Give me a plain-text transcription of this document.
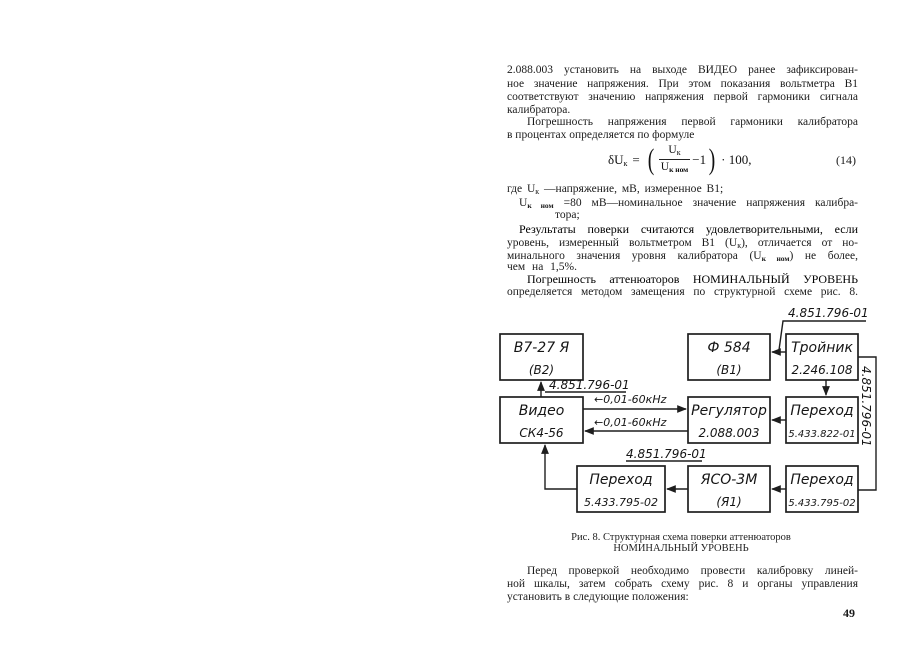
2.088.003 установить на выходе ВИДЕО ранее зафиксирован-
ное значение напряжения. При этом показания вольтметра В1
соответствуют значению напряжения первой гармоники сигнала
калибратора.
Погрешность напряжения первой гармоники калибратора
в процентах определяется по формуле
$\delta U_к$ = ( $\frac{U_к}{\text{Uк ном}} -1$ ) · 100,	(14)
где $U_к$ —напряжение, мВ, измеренное В1;
Uк ном =80 мВ—номинальное значение напряжения калибра-
тора;
Результаты поверки считаются удовлетворительными, если
уровень, измеренный вольтметром В1 $(U_к)$, отличается от но-
минального значения уровня калибратора (Uк ном) не более,
чем на 1,5%.
Погрешность аттенюаторов НОМИНАЛЬНЫЙ УРОВЕНЬ
определяется методом замещения по структурной схеме рис. 8.
В7-27 Я
(В2)
Ф 584
(В1)
Тройник
2.246.108
Видео
СК4-56
Регулятор
2.088.003
Переход
5.433.822-01
Переход
5.433.795-02
ЯСО-3М
(Я1)
Переход
5.433.795-02
4.851.796-01
4.851.796-01
4.851.796-01
4.851.796-01
←0,01-60кHz
←0,01-60кHz
Рис. 8. Структурная схема поверки аттенюаторов
НОМИНАЛЬНЫЙ УРОВЕНЬ
Перед проверкой необходимо провести калибровку линей-
ной шкалы, затем собрать схему рис. 8 и органы управления
установить в следующие положения:
49
